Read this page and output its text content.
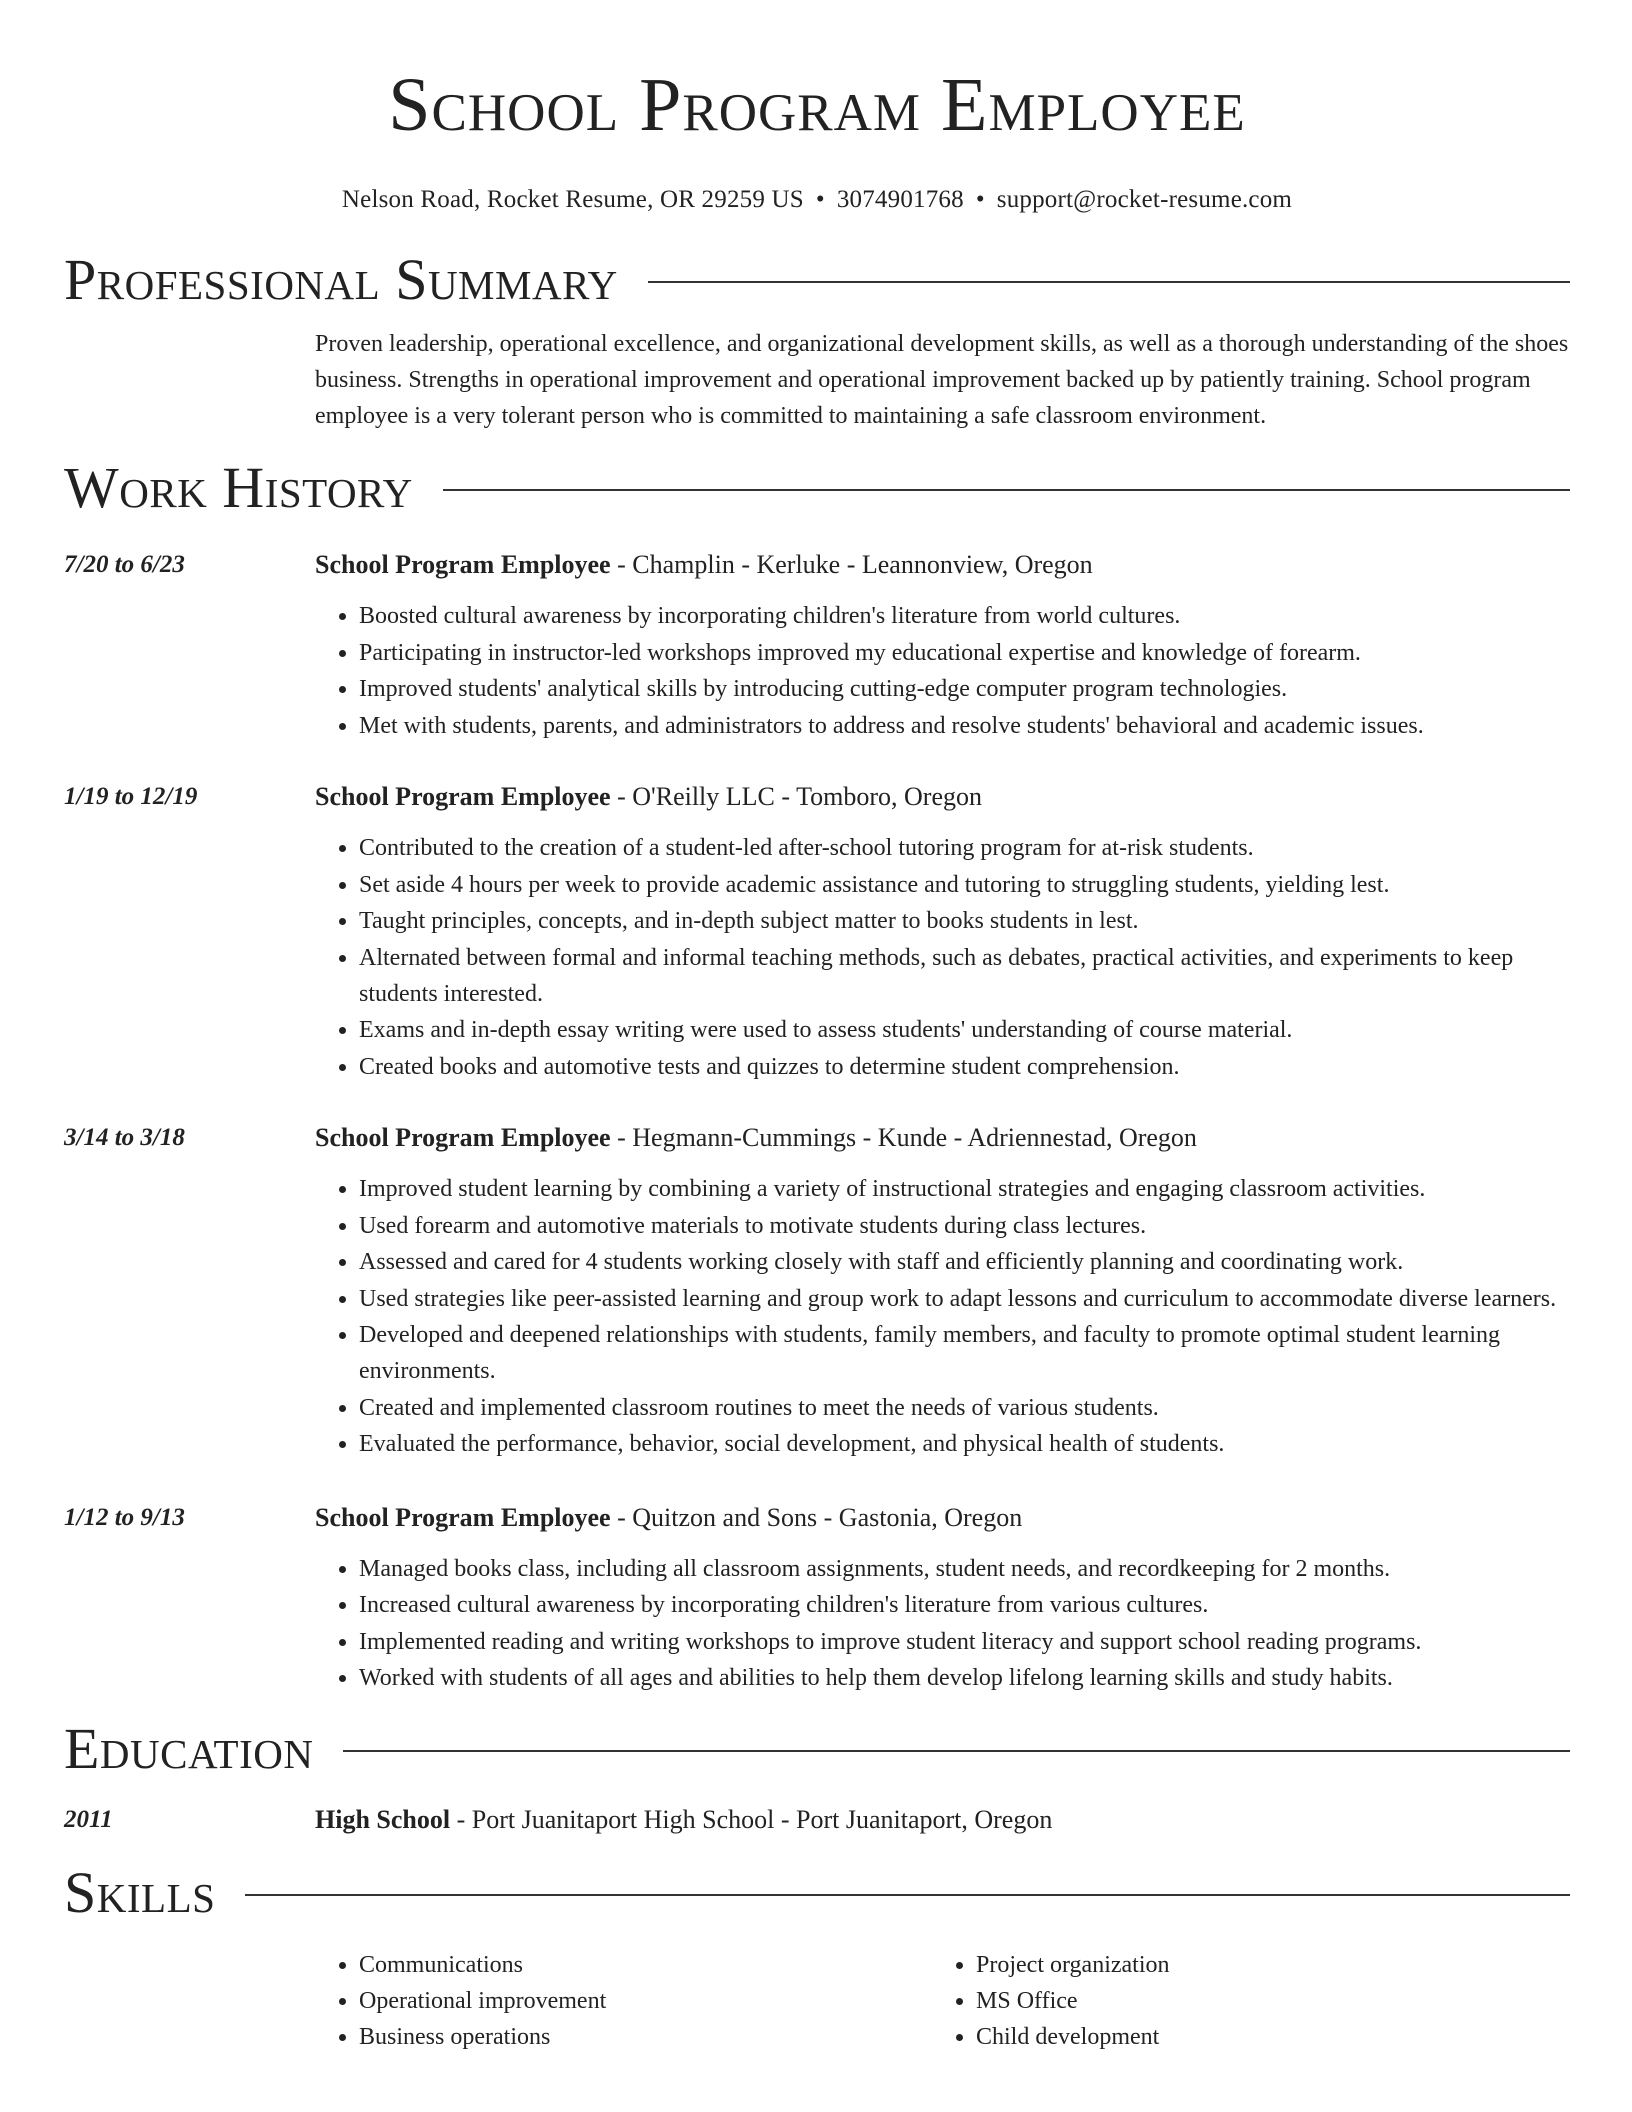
School Program Employee
Nelson Road, Rocket Resume, OR 29259 US • 3074901768 • support@rocket-resume.com
Professional Summary
Proven leadership, operational excellence, and organizational development skills, as well as a thorough understanding of the shoes business. Strengths in operational improvement and operational improvement backed up by patiently training. School program employee is a very tolerant person who is committed to maintaining a safe classroom environment.
Work History
7/20 to 6/23	School Program Employee - Champlin - Kerluke - Leannonview, Oregon
• Boosted cultural awareness by incorporating children's literature from world cultures.
• Participating in instructor-led workshops improved my educational expertise and knowledge of forearm.
• Improved students' analytical skills by introducing cutting-edge computer program technologies.
• Met with students, parents, and administrators to address and resolve students' behavioral and academic issues.
1/19 to 12/19	School Program Employee - O'Reilly LLC - Tomboro, Oregon
• Contributed to the creation of a student-led after-school tutoring program for at-risk students.
• Set aside 4 hours per week to provide academic assistance and tutoring to struggling students, yielding lest.
• Taught principles, concepts, and in-depth subject matter to books students in lest.
• Alternated between formal and informal teaching methods, such as debates, practical activities, and experiments to keep students interested.
• Exams and in-depth essay writing were used to assess students' understanding of course material.
• Created books and automotive tests and quizzes to determine student comprehension.
3/14 to 3/18	School Program Employee - Hegmann-Cummings - Kunde - Adriennestad, Oregon
• Improved student learning by combining a variety of instructional strategies and engaging classroom activities.
• Used forearm and automotive materials to motivate students during class lectures.
• Assessed and cared for 4 students working closely with staff and efficiently planning and coordinating work.
• Used strategies like peer-assisted learning and group work to adapt lessons and curriculum to accommodate diverse learners.
• Developed and deepened relationships with students, family members, and faculty to promote optimal student learning environments.
• Created and implemented classroom routines to meet the needs of various students.
• Evaluated the performance, behavior, social development, and physical health of students.
1/12 to 9/13	School Program Employee - Quitzon and Sons - Gastonia, Oregon
• Managed books class, including all classroom assignments, student needs, and recordkeeping for 2 months.
• Increased cultural awareness by incorporating children's literature from various cultures.
• Implemented reading and writing workshops to improve student literacy and support school reading programs.
• Worked with students of all ages and abilities to help them develop lifelong learning skills and study habits.
Education
2011	High School - Port Juanitaport High School - Port Juanitaport, Oregon
Skills
• Communications
• Operational improvement
• Business operations
• Project organization
• MS Office
• Child development
